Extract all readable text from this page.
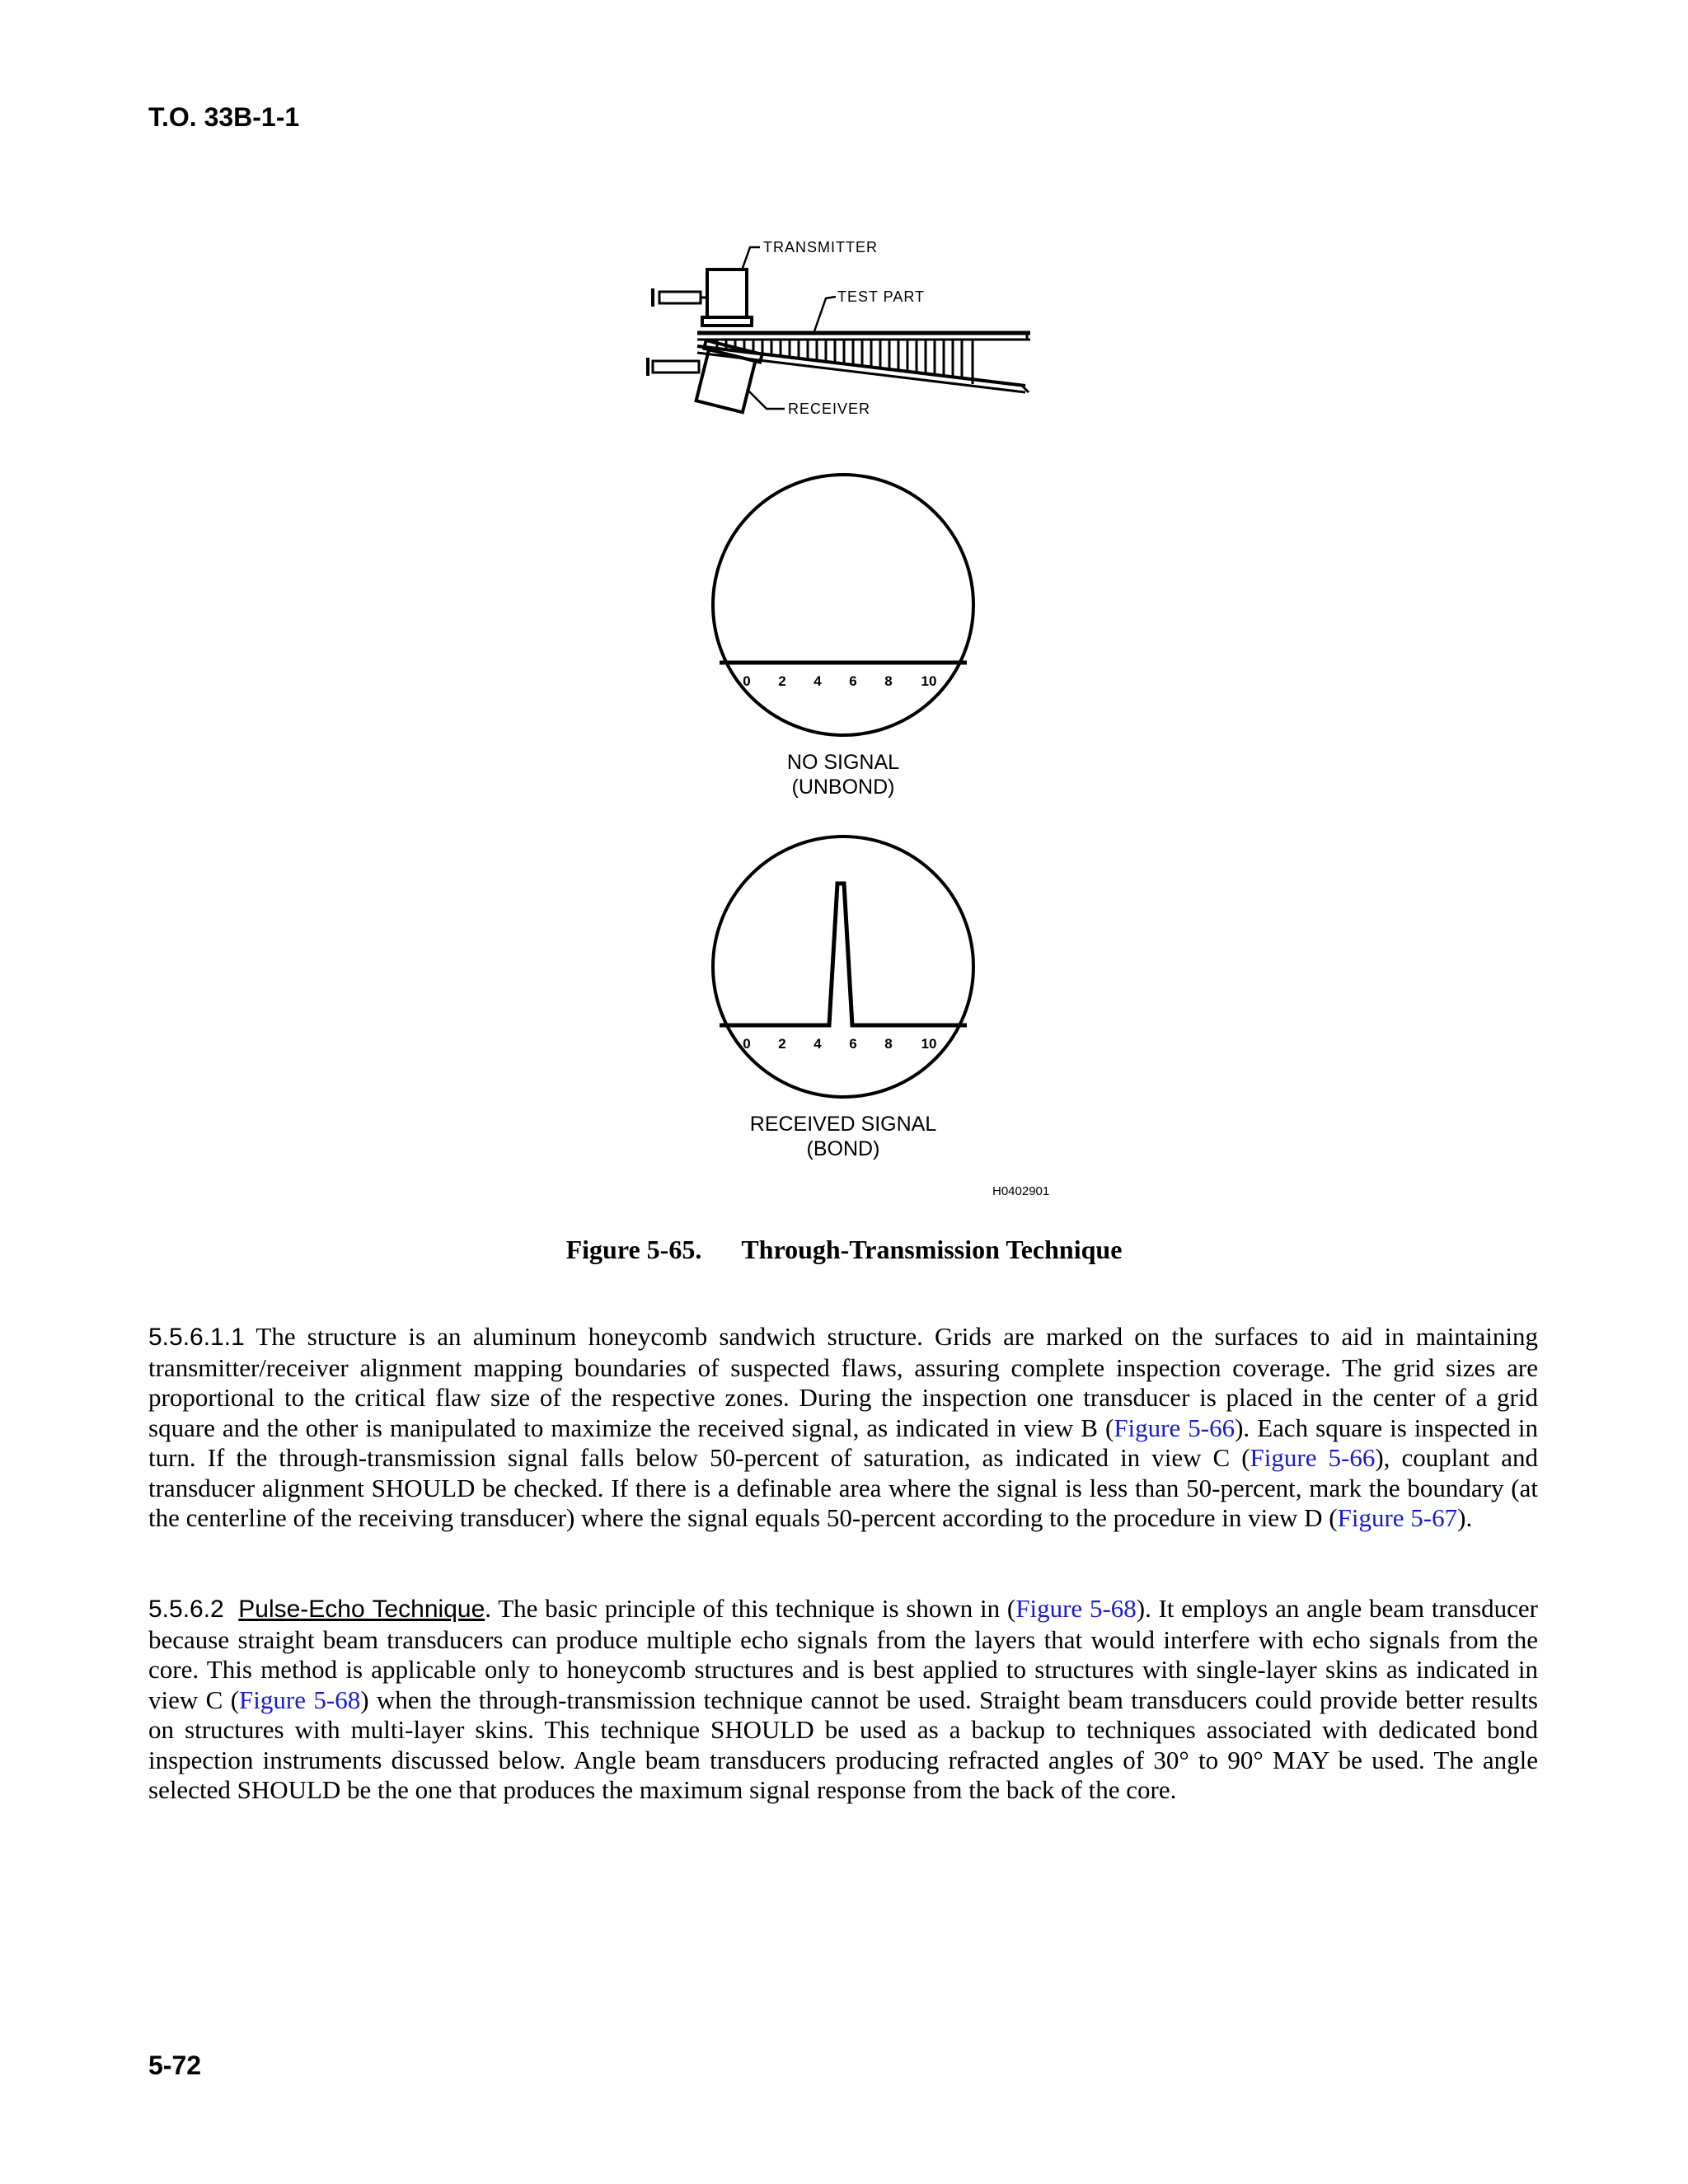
T.O. 33B-1-1
TRANSMITTER
TEST PART
RECEIVER
0 2 4 6 8 10
NO SIGNAL
(UNBOND)
0 2 4 6 8 10
RECEIVED SIGNAL
(BOND)
H0402901
Figure 5-65. Through-Transmission Technique

5.5.6.1.1 The structure is an aluminum honeycomb sandwich structure. Grids are marked on the surfaces to aid in maintaining transmitter/receiver alignment mapping boundaries of suspected flaws, assuring complete inspection coverage. The grid sizes are proportional to the critical flaw size of the respective zones. During the inspection one transducer is placed in the center of a grid square and the other is manipulated to maximize the received signal, as indicated in view B (Figure 5-66). Each square is inspected in turn. If the through-transmission signal falls below 50-percent of saturation, as indicated in view C (Figure 5-66), couplant and transducer alignment SHOULD be checked. If there is a definable area where the signal is less than 50-percent, mark the boundary (at the centerline of the receiving transducer) where the signal equals 50-percent according to the procedure in view D (Figure 5-67).

5.5.6.2 Pulse-Echo Technique. The basic principle of this technique is shown in (Figure 5-68). It employs an angle beam transducer because straight beam transducers can produce multiple echo signals from the layers that would interfere with echo signals from the core. This method is applicable only to honeycomb structures and is best applied to structures with single-layer skins as indicated in view C (Figure 5-68) when the through-transmission technique cannot be used. Straight beam transducers could provide better results on structures with multi-layer skins. This technique SHOULD be used as a backup to techniques associated with dedicated bond inspection instruments discussed below. Angle beam transducers producing refracted angles of 30° to 90° MAY be used. The angle selected SHOULD be the one that produces the maximum signal response from the back of the core.

5-72
